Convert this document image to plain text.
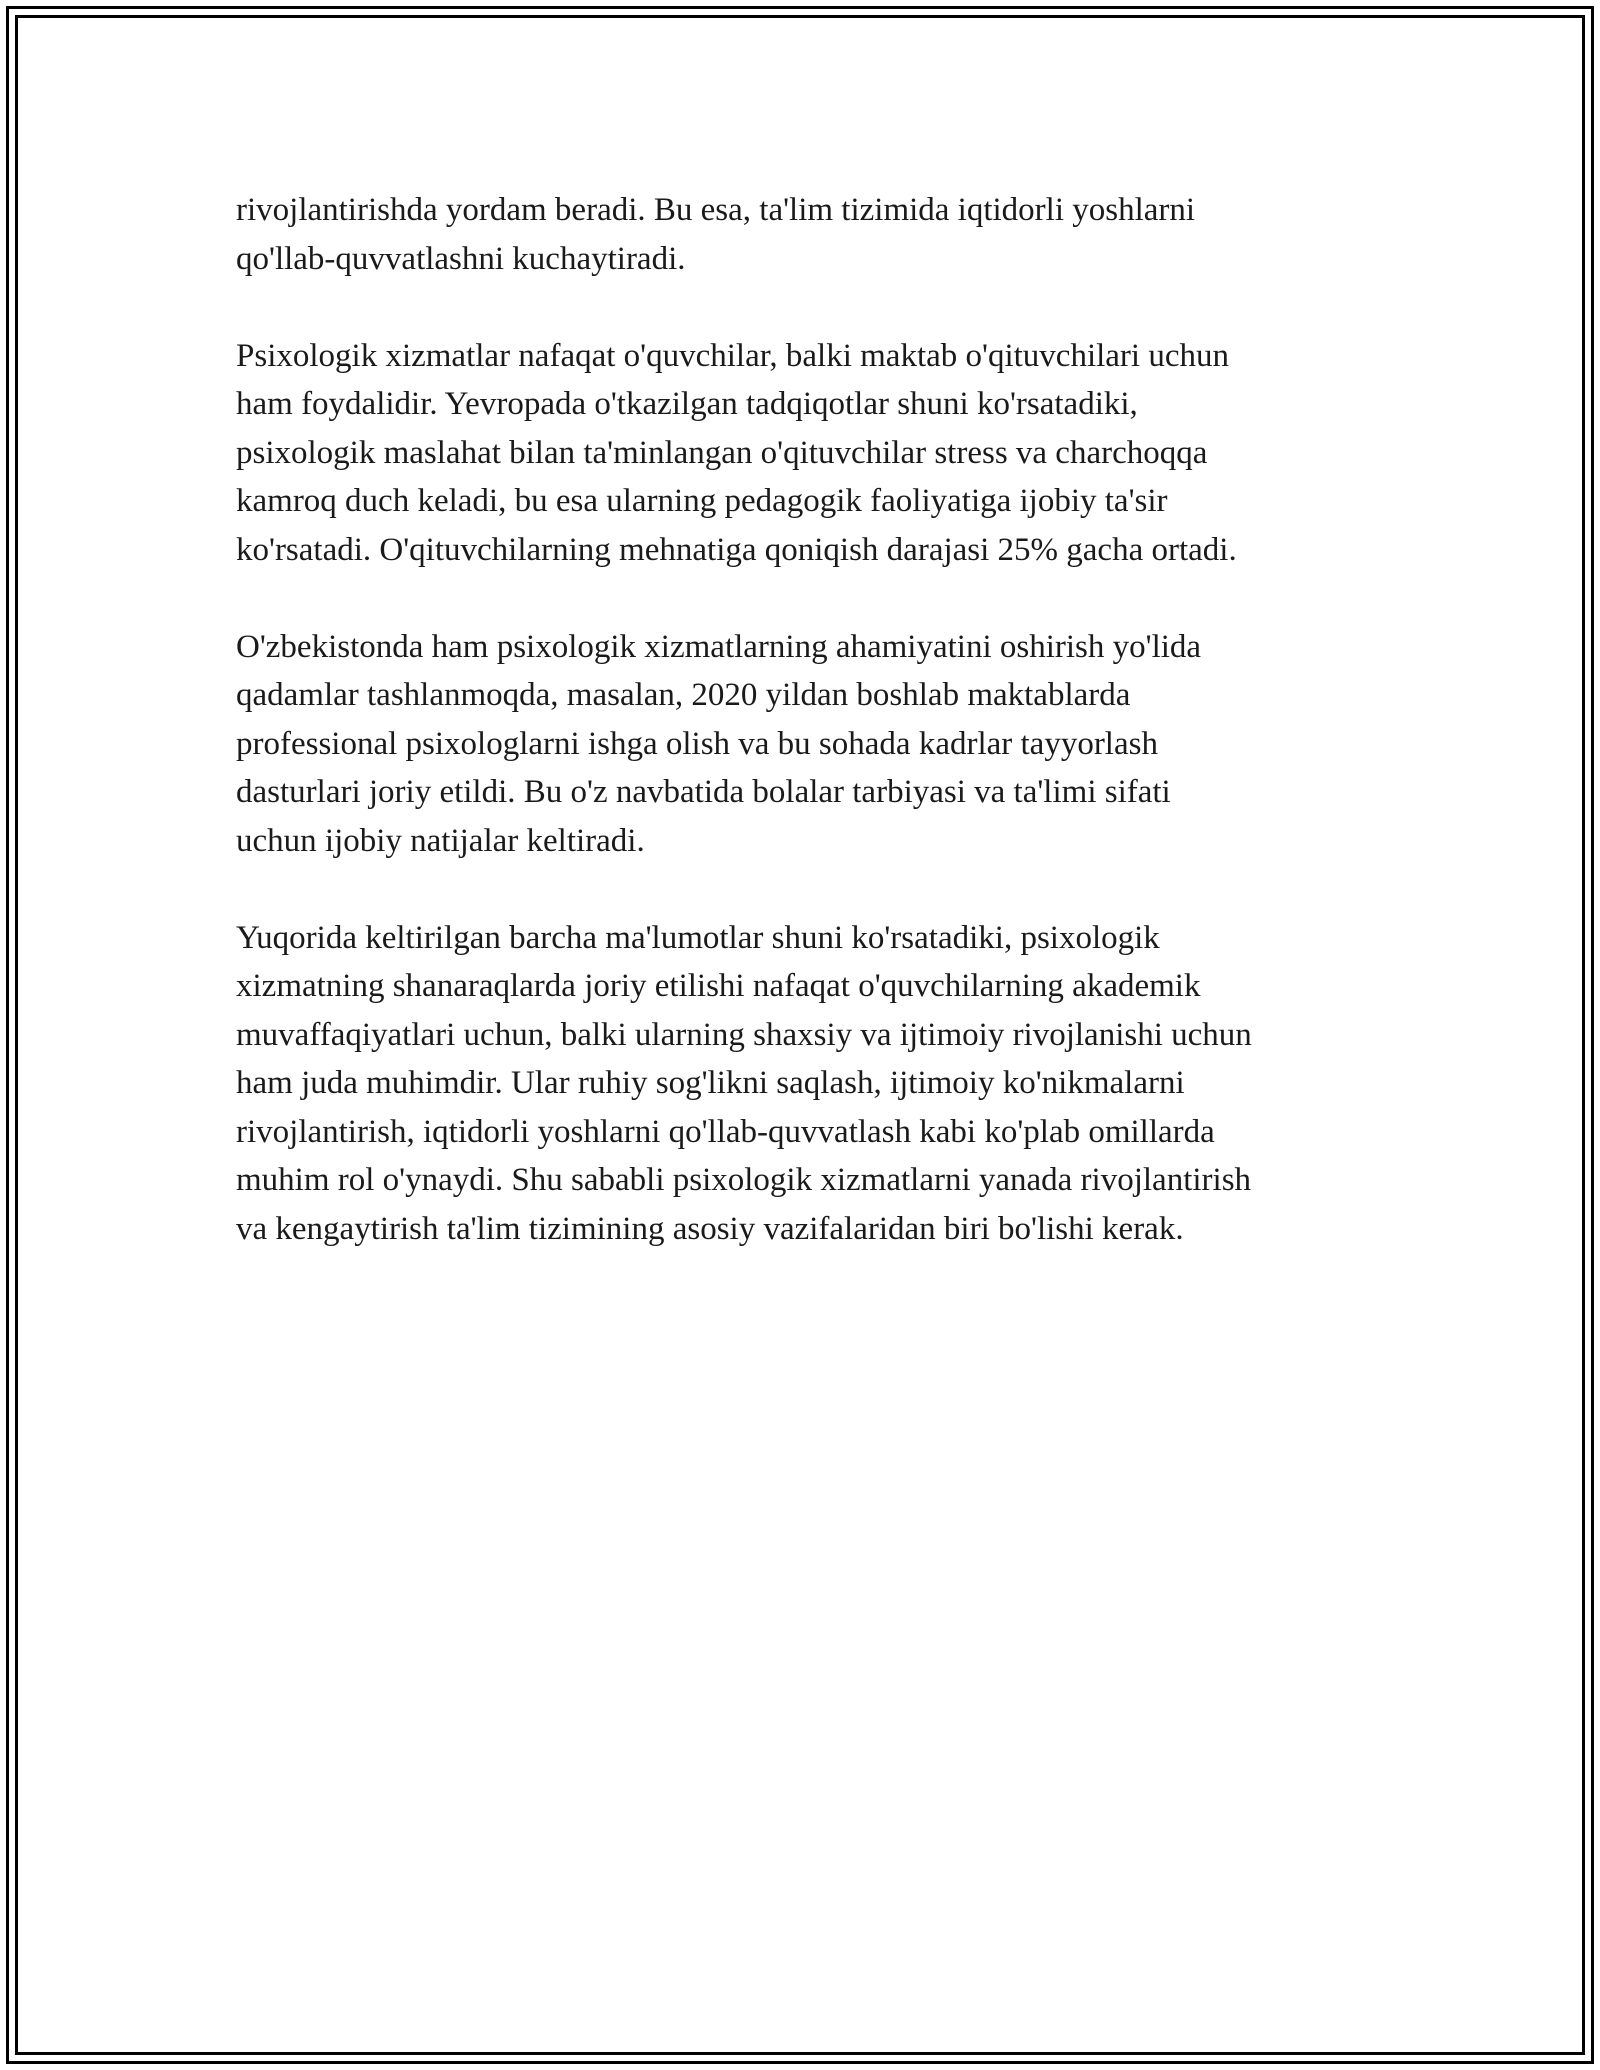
rivojlantirishda yordam beradi. Bu esa, ta'lim tizimida iqtidorli yoshlarni
qo'llab-quvvatlashni kuchaytiradi.

Psixologik xizmatlar nafaqat o'quvchilar, balki maktab o'qituvchilari uchun
ham foydalidir. Yevropada o'tkazilgan tadqiqotlar shuni ko'rsatadiki,
psixologik maslahat bilan ta'minlangan o'qituvchilar stress va charchoqqa
kamroq duch keladi, bu esa ularning pedagogik faoliyatiga ijobiy ta'sir
ko'rsatadi. O'qituvchilarning mehnatiga qoniqish darajasi 25% gacha ortadi.

O'zbekistonda ham psixologik xizmatlarning ahamiyatini oshirish yo'lida
qadamlar tashlanmoqda, masalan, 2020 yildan boshlab maktablarda
professional psixologlarni ishga olish va bu sohada kadrlar tayyorlash
dasturlari joriy etildi. Bu o'z navbatida bolalar tarbiyasi va ta'limi sifati
uchun ijobiy natijalar keltiradi.

Yuqorida keltirilgan barcha ma'lumotlar shuni ko'rsatadiki, psixologik
xizmatning shanaraqlarda joriy etilishi nafaqat o'quvchilarning akademik
muvaffaqiyatlari uchun, balki ularning shaxsiy va ijtimoiy rivojlanishi uchun
ham juda muhimdir. Ular ruhiy sog'likni saqlash, ijtimoiy ko'nikmalarni
rivojlantirish, iqtidorli yoshlarni qo'llab-quvvatlash kabi ko'plab omillarda
muhim rol o'ynaydi. Shu sababli psixologik xizmatlarni yanada rivojlantirish
va kengaytirish ta'lim tizimining asosiy vazifalaridan biri bo'lishi kerak.
